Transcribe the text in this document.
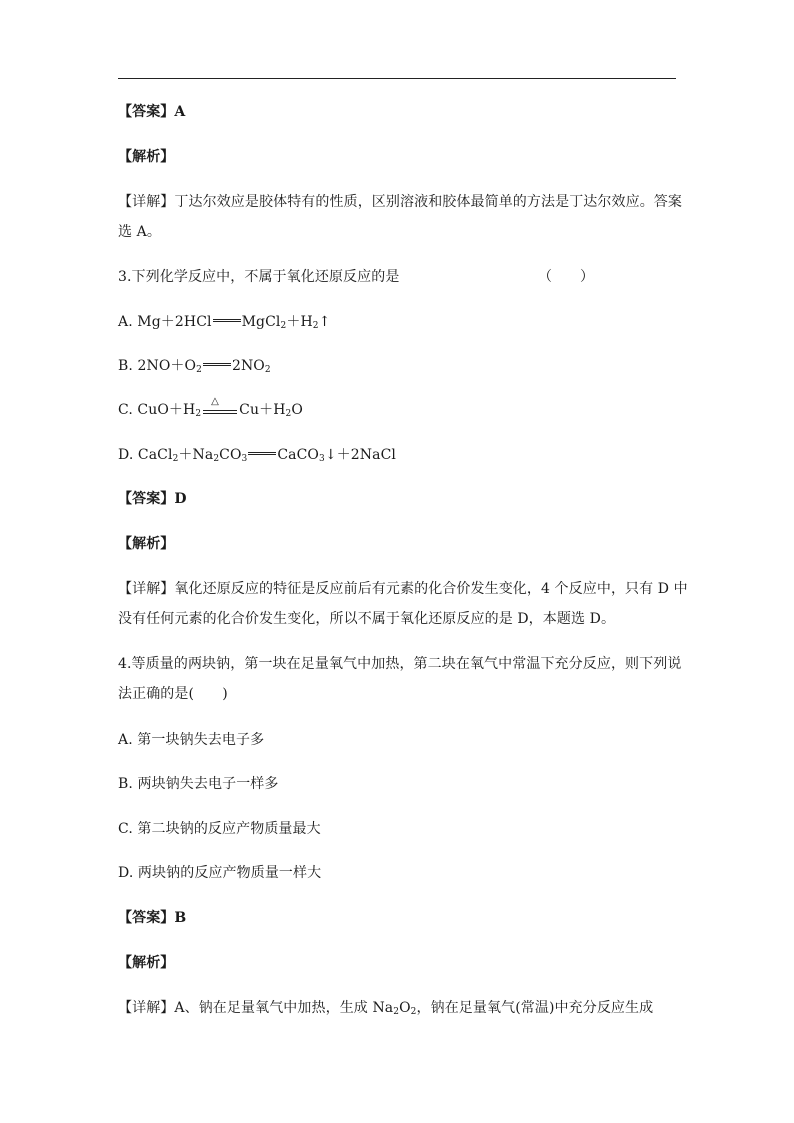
【答案】A
【解析】
【详解】丁达尔效应是胶体特有的性质，区别溶液和胶体最简单的方法是丁达尔效应。答案
选 A。
3.下列化学反应中，不属于氧化还原反应的是	（　　）
A. Mg＋2HCl $MgCl_2+H_2↑$
B. $2NO+O_2$ $2NO_2$
C. $CuO+H_2$
△
$Cu+H_2O$
D. $CaCl_2+Na_2CO_3$ CaCO$_3$↓＋2NaCl
【答案】D
【解析】
【详解】氧化还原反应的特征是反应前后有元素的化合价发生变化，4 个反应中，只有 D 中
没有任何元素的化合价发生变化，所以不属于氧化还原反应的是 D，本题选 D。
4.等质量的两块钠，第一块在足量氧气中加热，第二块在氧气中常温下充分反应，则下列说
法正确的是(　　)
A. 第一块钠失去电子多
B. 两块钠失去电子一样多
C. 第二块钠的反应产物质量最大
D. 两块钠的反应产物质量一样大
【答案】B
【解析】
【详解】A、钠在足量氧气中加热，生成 $Na_2O_2$，钠在足量氧气(常温)中充分反应生成
